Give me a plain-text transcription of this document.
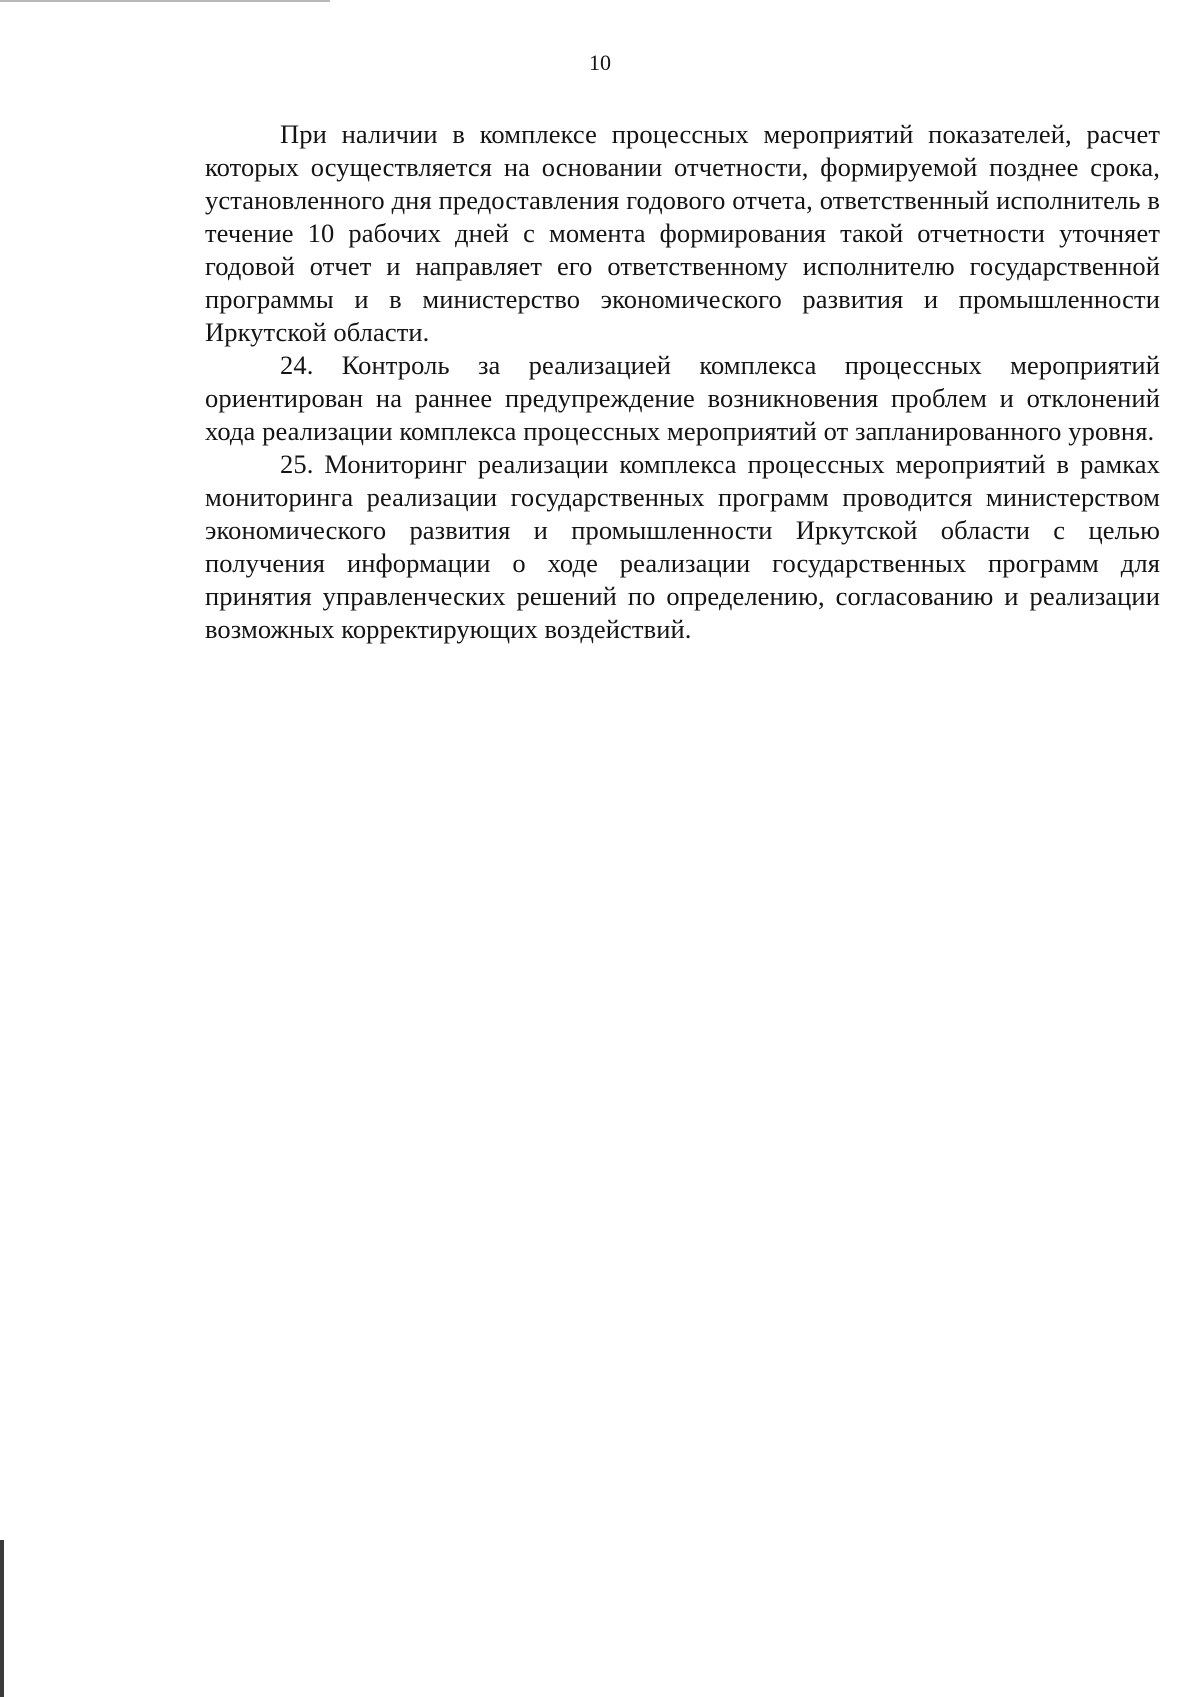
10

При наличии в комплексе процессных мероприятий показателей, расчет которых осуществляется на основании отчетности, формируемой позднее срока, установленного дня предоставления годового отчета, ответственный исполнитель в течение 10 рабочих дней с момента формирования такой отчетности уточняет годовой отчет и направляет его ответственному исполнителю государственной программы и в министерство экономического развития и промышленности Иркутской области.

24. Контроль за реализацией комплекса процессных мероприятий ориентирован на раннее предупреждение возникновения проблем и отклонений хода реализации комплекса процессных мероприятий от запланированного уровня.

25. Мониторинг реализации комплекса процессных мероприятий в рамках мониторинга реализации государственных программ проводится министерством экономического развития и промышленности Иркутской области с целью получения информации о ходе реализации государственных программ для принятия управленческих решений по определению, согласованию и реализации возможных корректирующих воздействий.
